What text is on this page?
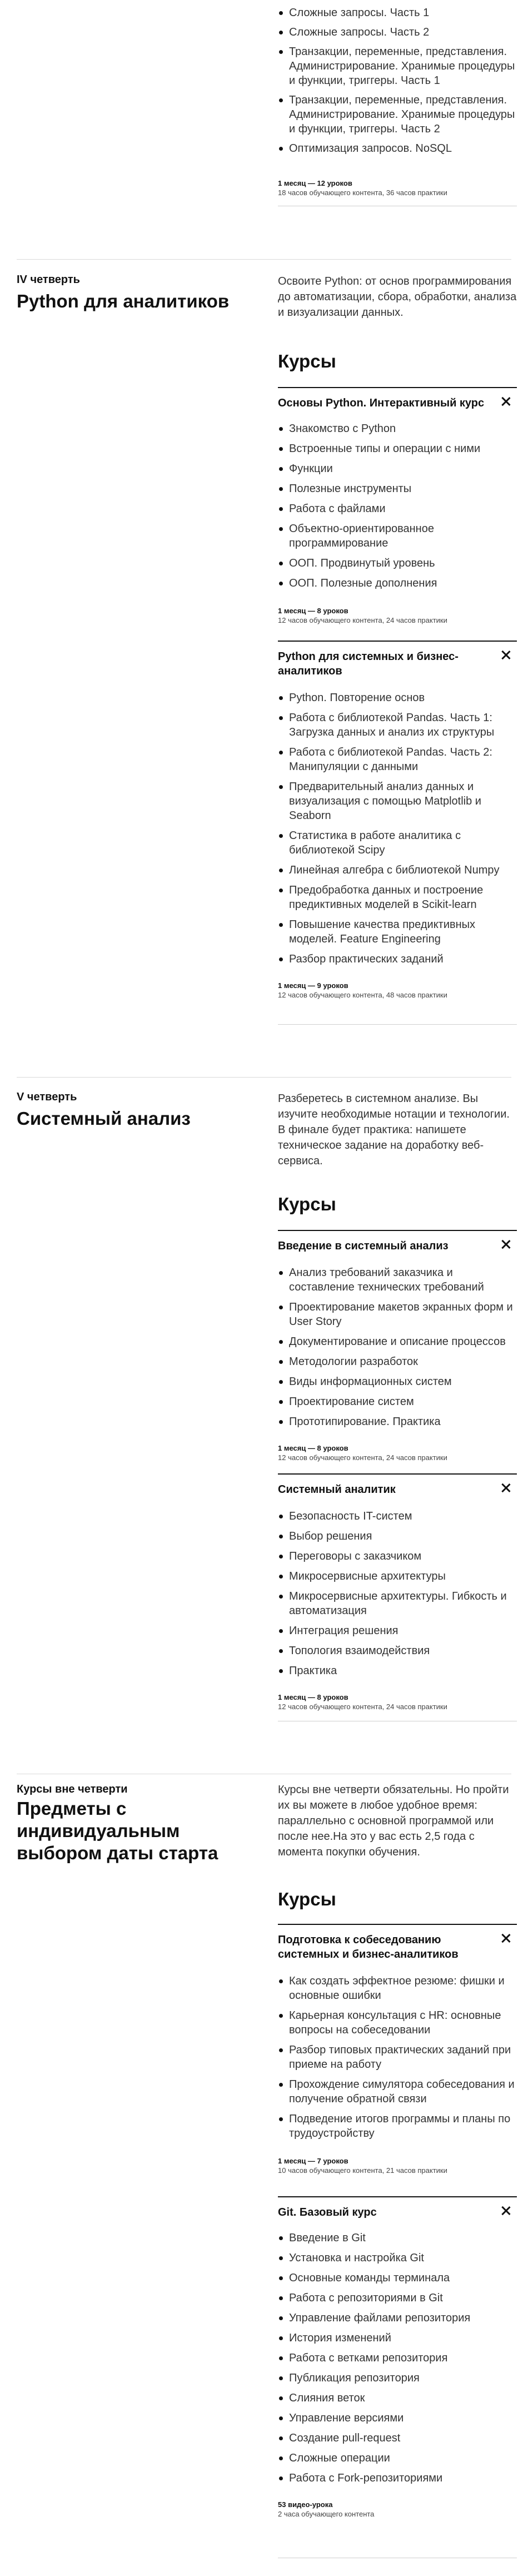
Сложные запросы. Часть 1
Сложные запросы. Часть 2
Транзакции, переменные, представления. Администрирование. Хранимые процедуры и функции, триггеры. Часть 1
Транзакции, переменные, представления. Администрирование. Хранимые процедуры и функции, триггеры. Часть 2
Оптимизация запросов. NoSQL
1 месяц — 12 уроков
18 часов обучающего контента, 36 часов практики
IV четверть
Python для аналитиков
Освоите Python: от основ программирования до автоматизации, сбора, обработки, анализа и визуализации данных.
Курсы
Основы Python. Интерактивный курс
Знакомство с Python
Встроенные типы и операции с ними
Функции
Полезные инструменты
Работа с файлами
Объектно-ориентированное программирование
ООП. Продвинутый уровень
ООП. Полезные дополнения
1 месяц — 8 уроков
12 часов обучающего контента, 24 часов практики
Python для системных и бизнес-аналитиков
Python. Повторение основ
Работа с библиотекой Pandas. Часть 1: Загрузка данных и анализ их структуры
Работа с библиотекой Pandas. Часть 2: Манипуляции с данными
Предварительный анализ данных и визуализация с помощью Matplotlib и Seaborn
Статистика в работе аналитика с библиотекой Scipy
Линейная алгебра с библиотекой Numpy
Предобработка данных и построение предиктивных моделей в Scikit-learn
Повышение качества предиктивных моделей. Feature Engineering
Разбор практических заданий
1 месяц — 9 уроков
12 часов обучающего контента, 48 часов практики
V четверть
Системный анализ
Разберетесь в системном анализе. Вы изучите необходимые нотации и технологии. В финале будет практика: напишете техническое задание на доработку веб-сервиса.
Курсы
Введение в системный анализ
Анализ требований заказчика и составление технических требований
Проектирование макетов экранных форм и User Story
Документирование и описание процессов
Методологии разработок
Виды информационных систем
Проектирование систем
Прототипирование. Практика
1 месяц — 8 уроков
12 часов обучающего контента, 24 часов практики
Системный аналитик
Безопасность IT-систем
Выбор решения
Переговоры с заказчиком
Микросервисные архитектуры
Микросервисные архитектуры. Гибкость и автоматизация
Интеграция решения
Топология взаимодействия
Практика
1 месяц — 8 уроков
12 часов обучающего контента, 24 часов практики
Курсы вне четверти
Предметы с индивидуальным выбором даты старта
Курсы вне четверти обязательны. Но пройти их вы можете в любое удобное время: параллельно с основной программой или после нее.На это у вас есть 2,5 года с момента покупки обучения.
Курсы
Подготовка к собеседованию системных и бизнес-аналитиков
Как создать эффектное резюме: фишки и основные ошибки
Карьерная консультация с HR: основные вопросы на собеседовании
Разбор типовых практических заданий при приеме на работу
Прохождение симулятора собеседования и получение обратной связи
Подведение итогов программы и планы по трудоустройству
1 месяц — 7 уроков
10 часов обучающего контента, 21 часов практики
Git. Базовый курс
Введение в Git
Установка и настройка Git
Основные команды терминала
Работа с репозиториями в Git
Управление файлами репозитория
История изменений
Работа с ветками репозитория
Публикация репозитория
Слияния веток
Управление версиями
Создание pull-request
Сложные операции
Работа с Fork-репозиториями
53 видео-урока
2 часа обучающего контента
